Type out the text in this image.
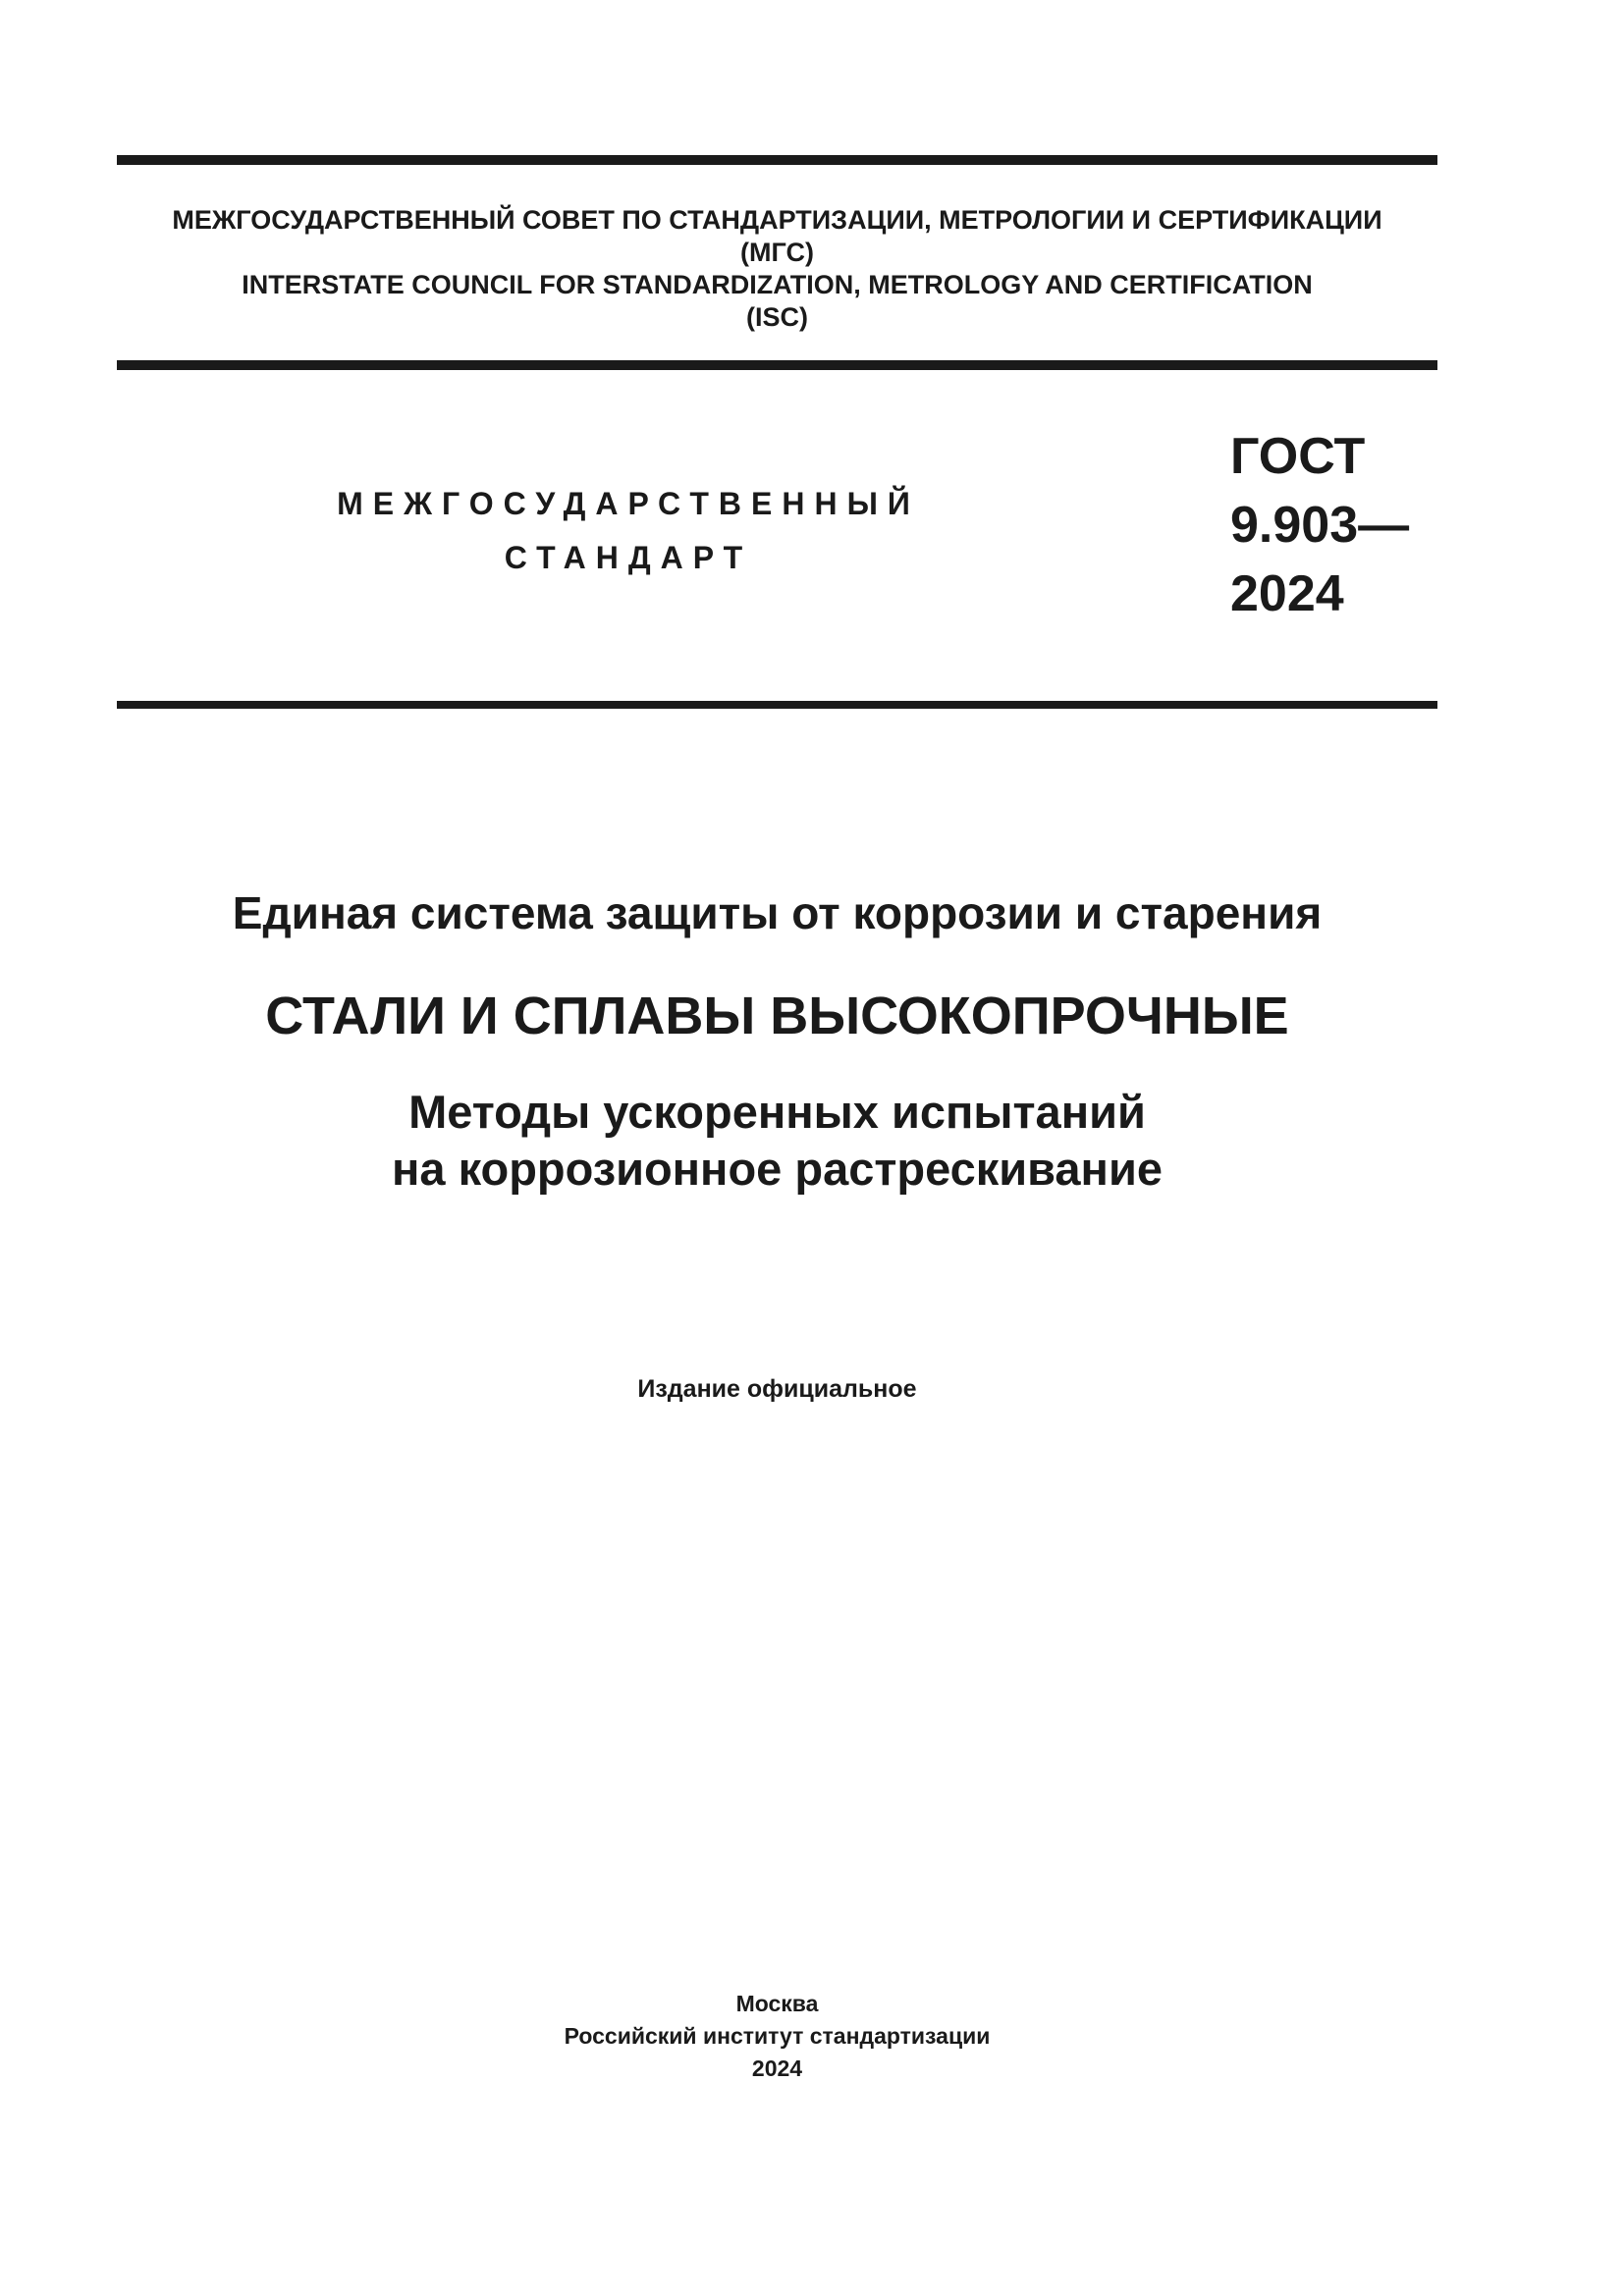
МЕЖГОСУДАРСТВЕННЫЙ СОВЕТ ПО СТАНДАРТИЗАЦИИ, МЕТРОЛОГИИ И СЕРТИФИКАЦИИ
(МГС)
INTERSTATE COUNCIL FOR STANDARDIZATION, METROLOGY AND CERTIFICATION
(ISC)
МЕЖГОСУДАРСТВЕННЫЙ
СТАНДАРТ
ГОСТ
9.903—
2024
Единая система защиты от коррозии и старения
СТАЛИ И СПЛАВЫ ВЫСОКОПРОЧНЫЕ
Методы ускоренных испытаний
на коррозионное растрескивание
Издание официальное
Москва
Российский институт стандартизации
2024
